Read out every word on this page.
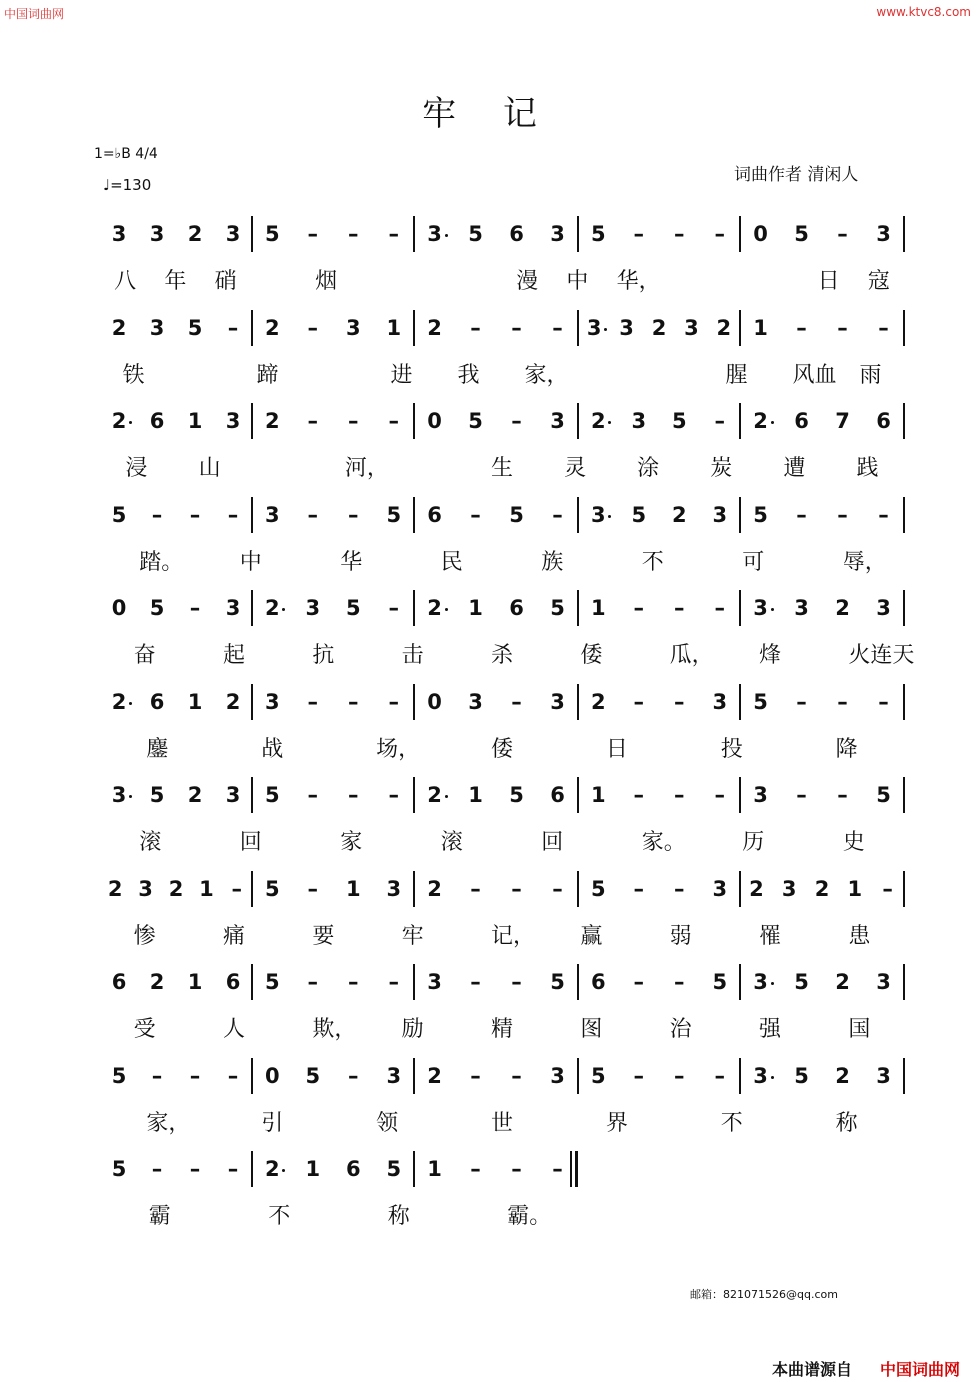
中国词曲网	www.ktvc8.com
牢 记
1=♭B 4/4
♩=130	词曲作者 清闲人
3 3 2 3 5 – – – 3 5 6 3 5 – – – 0 5 – 3
八 年 硝	烟	漫 中 华，	日 寇
2 3 5 – 2 – 3 1 2 – – – 3 3 2 3 2 1 – – –
铁	蹄	进 我 家，	腥 风血 雨
2 6 1 3 2 – – – 0 5 – 3 2 3 5 – 2 6 7 6
浸 山	河，	生 灵 涂 炭 遭 践
5 – – – 3 – – 5 6 – 5 – 3 5 2 3 5 – – –
踏。	中	华	民	族	不	可	辱，
0 5 – 3 2 3 5 – 2 1 6 5 1 – – – 3 3 2 3
奋	起	抗	击	杀	倭	瓜， 烽	火连天
2 6 1 2 3 – – – 0 3 – 3 2 – – 3 5 – – –
鏖	战	场，	倭	日	投	降
3 5 2 3 5 – – – 2 1 5 6 1 – – – 3 – – 5
滚	回	家	滚	回	家。	历	史
2 3 2 1 – 5 – 1 3 2 – – – 5 – – 3 2 3 2 1 –
惨	痛	要	牢	记， 赢	弱	罹	患
6 2 1 6 5 – – – 3 – – 5 6 – – 5 3 5 2 3
受	人	欺， 励	精	图	治	强	国
5 – – – 0 5 – 3 2 – – 3 5 – – – 3 5 2 3
家，	引	领	世	界	不	称
5 – – – 2 1 6 5 1 – – –
霸	不	称	霸。
邮箱：821071526@qq.com
本曲谱源自 中国词曲网
